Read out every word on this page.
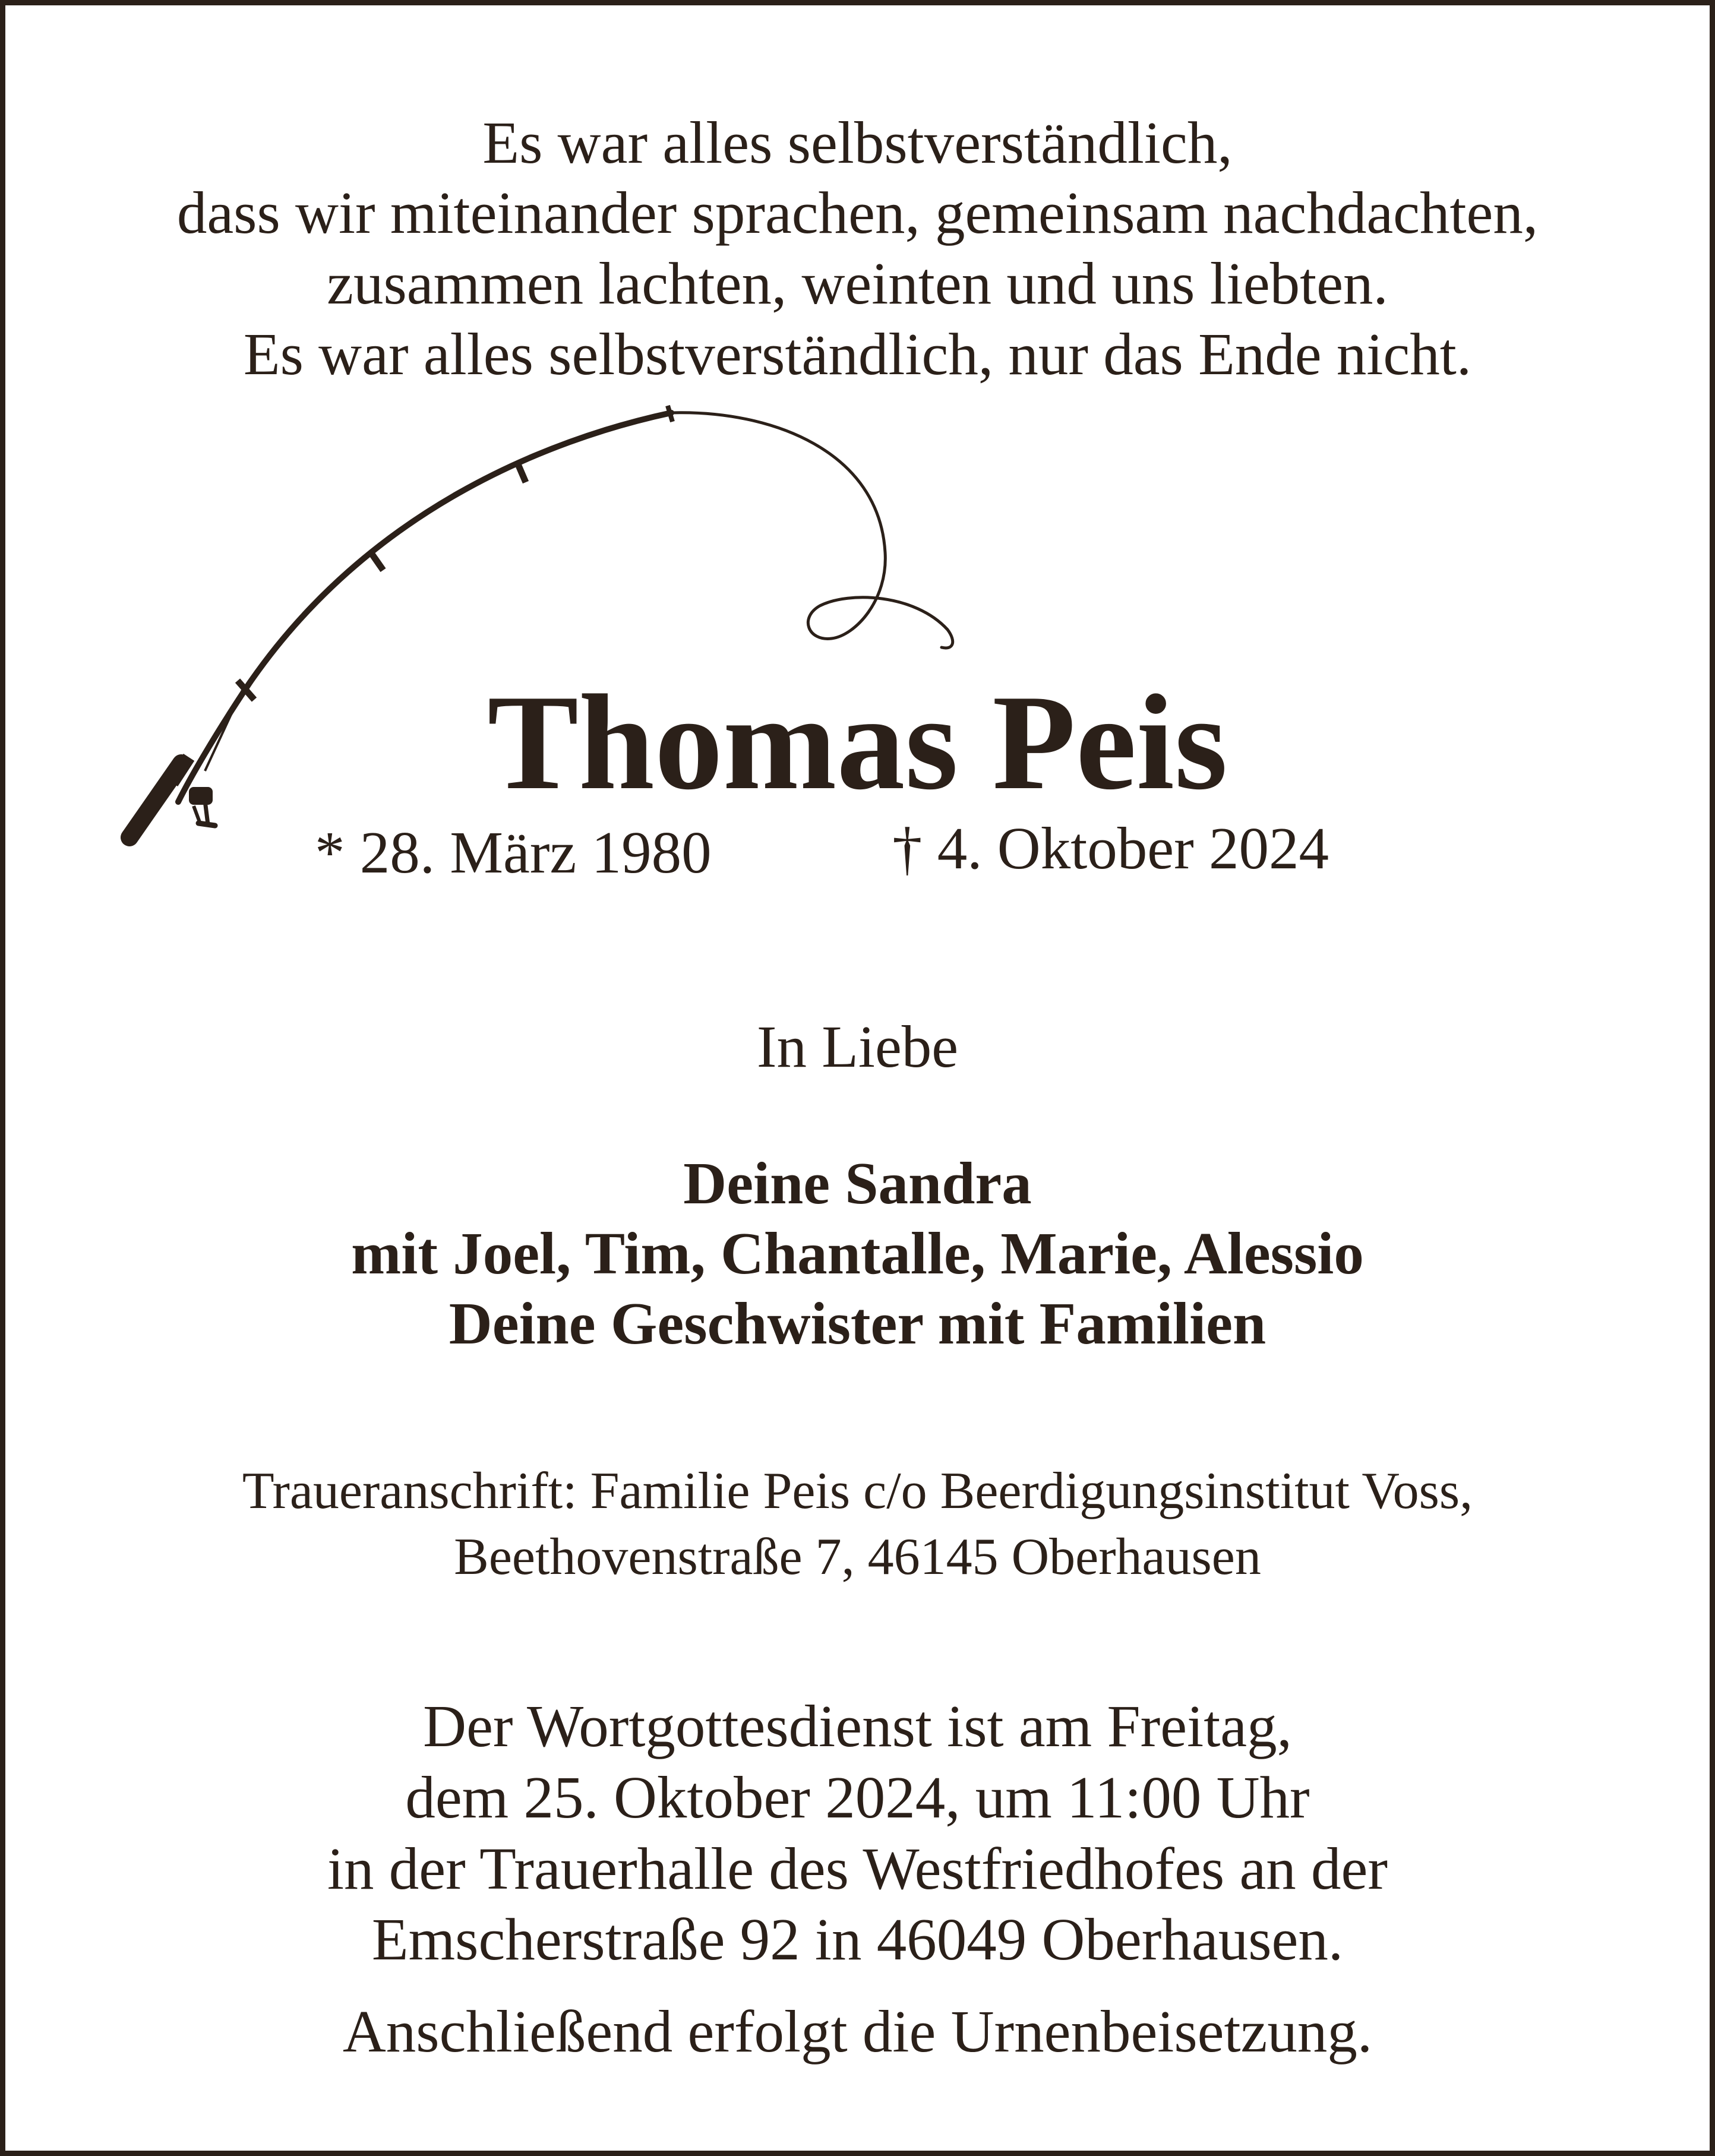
Es war alles selbstverständlich,

dass wir miteinander sprachen, gemeinsam nachdachten,

zusammen lachten, weinten und uns liebten.

Es war alles selbstverständlich, nur das Ende nicht.

Thomas Peis

* 28. März 1980	† 4. Oktober 2024

In Liebe

Deine Sandra

mit Joel, Tim, Chantalle, Marie, Alessio

Deine Geschwister mit Familien

Traueranschrift: Familie Peis c/o Beerdigungsinstitut Voss,

Beethovenstraße 7, 46145 Oberhausen

Der Wortgottesdienst ist am Freitag,

dem 25. Oktober 2024, um 11:00 Uhr

in der Trauerhalle des Westfriedhofes an der

Emscherstraße 92 in 46049 Oberhausen.

Anschließend erfolgt die Urnenbeisetzung.
